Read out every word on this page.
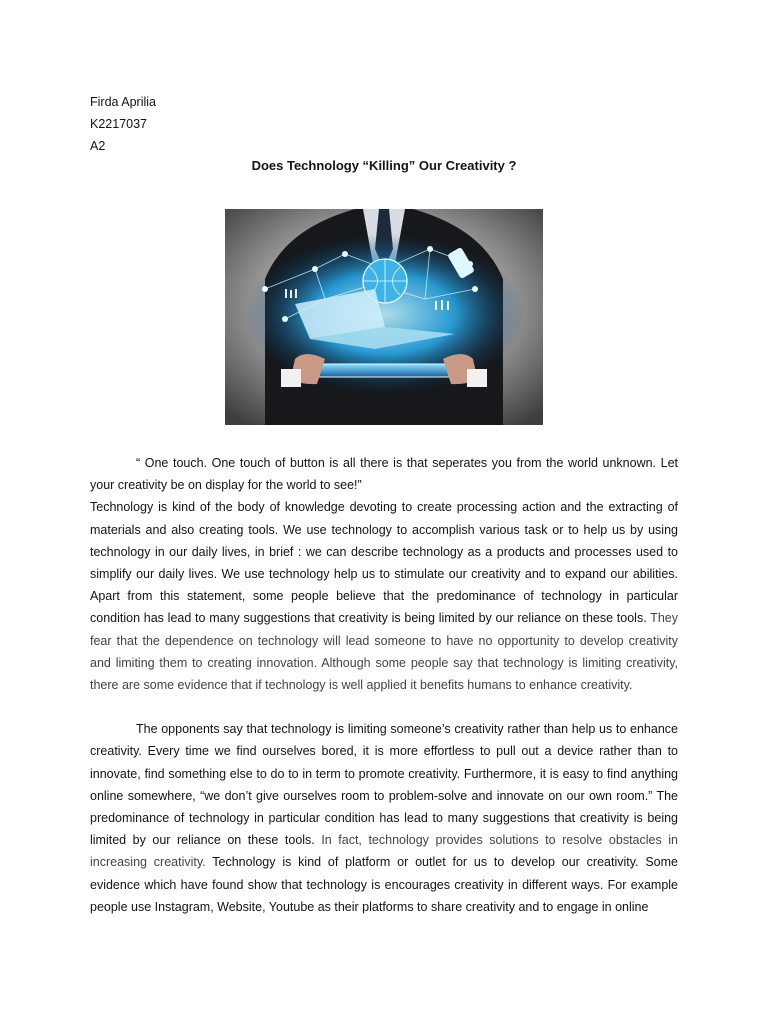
Firda Aprilia
K2217037
A2
Does Technology “Killing” Our Creativity ?

“ One touch. One touch of button is all there is that seperates you from the world unknown. Let your creativity be on display for the world to see!”

Technology is kind of the body of knowledge devoting to create processing action and the extracting of materials and also creating tools. We use technology to accomplish various task or to help us by using technology in our daily lives, in brief : we can describe technology as a products and processes used to simplify our daily lives. We use technology help us to stimulate our creativity and to expand our abilities. Apart from this statement, some people believe that the predominance of technology in particular condition has lead to many suggestions that creativity is being limited by our reliance on these tools. They fear that the dependence on technology will lead someone to have no opportunity to develop creativity and limiting them to creating innovation. Although some people say that technology is limiting creativity, there are some evidence that if technology is well applied it benefits humans to enhance creativity.

The opponents say that technology is limiting someone’s creativity rather than help us to enhance creativity. Every time we find ourselves bored, it is more effortless to pull out a device rather than to innovate, find something else to do to in term to promote creativity. Furthermore, it is easy to find anything online somewhere, “we don’t give ourselves room to problem-solve and innovate on our own room.” The predominance of technology in particular condition has lead to many suggestions that creativity is being limited by our reliance on these tools. In fact, technology provides solutions to resolve obstacles in increasing creativity. Technology is kind of platform or outlet for us to develop our creativity. Some evidence which have found show that technology is encourages creativity in different ways. For example people use Instagram, Website, Youtube as their platforms to share creativity and to engage in online
